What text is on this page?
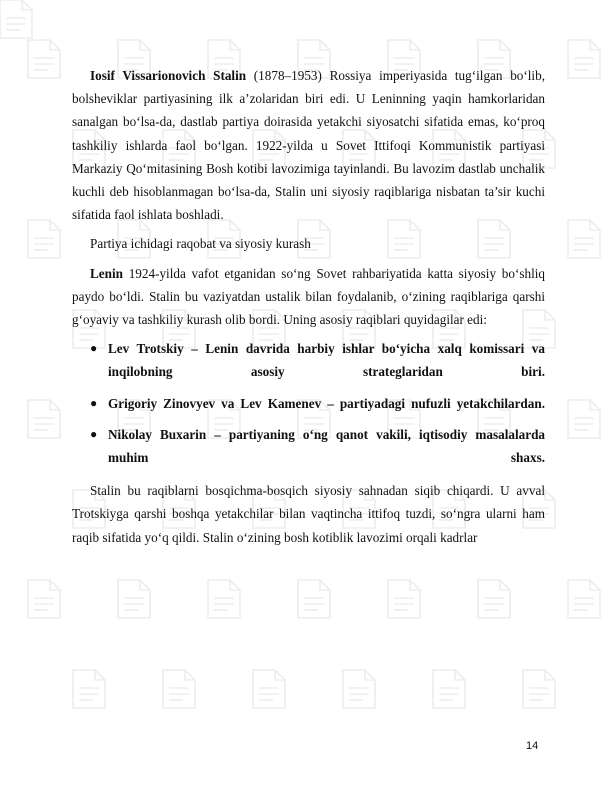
Iosif Vissarionovich Stalin (1878–1953) Rossiya imperiyasida tug‘ilgan bo‘lib, bolsheviklar partiyasining ilk a’zolaridan biri edi. U Leninning yaqin hamkorlaridan sanalgan bo‘lsa-da, dastlab partiya doirasida yetakchi siyosatchi sifatida emas, ko‘proq tashkiliy ishlarda faol bo‘lgan. 1922-yilda u Sovet Ittifoqi Kommunistik partiyasi Markaziy Qo‘mitasining Bosh kotibi lavozimiga tayinlandi. Bu lavozim dastlab unchalik kuchli deb hisoblanmagan bo‘lsa-da, Stalin uni siyosiy raqiblariga nisbatan ta’sir kuchi sifatida faol ishlata boshladi.

Partiya ichidagi raqobat va siyosiy kurash

Lenin 1924-yilda vafot etganidan so‘ng Sovet rahbariyatida katta siyosiy bo‘shliq paydo bo‘ldi. Stalin bu vaziyatdan ustalik bilan foydalanib, o‘zining raqiblariga qarshi g‘oyaviy va tashkiliy kurash olib bordi. Uning asosiy raqiblari quyidagilar edi:

● Lev Trotskiy – Lenin davrida harbiy ishlar bo‘yicha xalq komissari va inqilobning asosiy strateglaridan biri.
● Grigoriy Zinovyev va Lev Kamenev – partiyadagi nufuzli yetakchilardan.
● Nikolay Buxarin – partiyaning o‘ng qanot vakili, iqtisodiy masalalarda muhim shaxs.

Stalin bu raqiblarni bosqichma-bosqich siyosiy sahnadan siqib chiqardi. U avval Trotskiyga qarshi boshqa yetakchilar bilan vaqtincha ittifoq tuzdi, so‘ngra ularni ham raqib sifatida yo‘q qildi. Stalin o‘zining bosh kotiblik lavozimi orqali kadrlar

14
